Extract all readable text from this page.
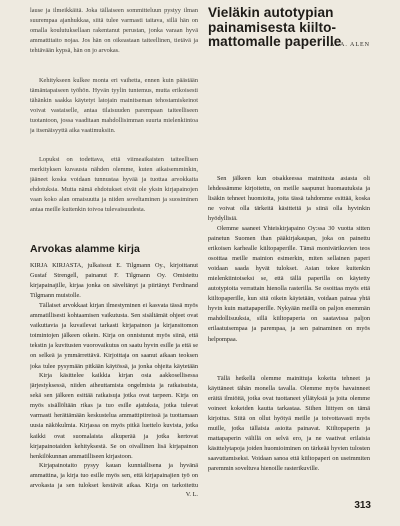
lause ja ilmeikkäitä. Joka tällaiseen sommitteluun pystyy ilman suurempaa ajanhukkaa, siitä tulee varmasti taitava, sillä hän on omalla koulutuksellaan rakentanut perustan, jonka varaan hyvä ammattitaito nojaa. Jos hän on oikeastaan taiteellinen, tietävä ja tehtävään kypsä, hän on jo arvokas.

Kehitykseen kulkee monta eri vaihetta, ennen kuin päästään tämäntapaiseen työhön. Hyvän tyylin tuntemus, mutta erikoisesti tähänkin saakka käytetyt latojain mainitseman tehostamiskeinot voivat vastaiselle, antaa tilaisuuden parempaan taiteelliseen tuotantoon, jossa vaaditaan mahdollisimman suurta mielenkiintoa ja itsenäisyyttä aika vaatimuksiin.

Lopuksi on todettava, että viimeaikaisten taiteellisen merkityksen kuvausta nähden olemme, kuten aikaisemminkin, jääneet koska voidaan tunnustaa hyvää ja tuottaa arvokkaita ehdotuksia. Mutta nämä ehdotukset eivät ole yksin kirjapainojen vaan koko alan omaisuutta ja niiden soveltaminen ja suosiminen antaa meille kuitenkin toivoa tulevaisuudesta.

Arvokas alamme kirja

KIRJA KIRJASTA, julkaissut E. Tilgmann Oy., kirjoittanut Gustaf Strengell, painanut F. Tilgmann Oy. Omistettu kirjapainajille, kirjaa jonka on säveltänyt ja piirtänyt Ferdinand Tilgmann muistolle.

Tällaiset arvokkaat kirjan ilmestyminen ei kasvata tässä myös ammatillisesti kohtaamisen vaikutusta. Sen sisältämät ohjeet ovat vaikuttavia ja kuvailevat tarkasti kirjapainon ja kirjansitomon toimintojen jälkeen oikein. Kirja on onnistunut myös siinä, että tekstin ja kuvitusten vuorovaikutus on saatu hyvin esille ja että se on selkeä ja ymmärrettävä. Kirjoittaja on saanut aikaan teoksen joka tulee pysymään pitkään käytössä, ja jonka ohjeita käytetään

Kirja käsittelee kaikkia kirjan osia aakkosellisessa järjestyksessä, niiden aiheuttamista ongelmista ja ratkaisuista, sekä sen jälkeen esittää ratkaisuja jotka ovat tarpeen. Kirja on myös sisällöltään rikas ja tuo esille ajatuksia, jotka tulevat varmasti herättämään keskustelua ammattipiireissä ja tuottamaan uusia näkökulmia. Kirjassa on myös pitkä luettelo kuvista, jotka kaikki ovat suomalaista alkuperää ja jotka kertovat kirjapainotaidon kehityksestä. Se on oivallinen lisä kirjapainon henkilökunnan ammatilliseen kirjastoon.

Kirjapainotaito pysyy kauan kunniallisena ja hyvänä ammattina, ja kirja tuo esille myös sen, että kirjapainajien työ on arvokasta ja sen tulokset kestävät aikaa. Kirja on tarkoitettu

V. L.
Vieläkin autotypian
painamisesta kiilto-
mattomalle paperille
A. A. ALEN

Sen jälkeen kun otsakkeessa mainitusta asiasta oli lehdessämme kirjoitettu, on meille saapunut huomautuksia ja lisäkin tehneet huomioita, joita tässä tahdomme esittää, koska ne voivat olla tärkeitä käsitteitä ja siinä olla hyvinkin hyödyllisiä.

Olemme saaneet Yhteiskirjapaino Oy:ssa 30 vuotta sitten painetun Suomen ihan pääkirjakaupan, joka on painettu erikoisen karhealle kiiltopaperille. Tämä monivärikuvien teos osoittaa meille mainion esimerkin, miten sellainen paperi voidaan saada hyvät tulokset. Asian tekee kuitenkin mielenkiintoiseksi se, että tällä paperilla on käytetty autotypioita verrattain hienolla rasterilla. Se osoittaa myös että kiiltopaperille, kun sitä oikein käytetään, voidaan painaa yhtä hyvin kuin mattapaperille. Nykyään meillä on paljon enemmän mahdollisuuksia, sillä kiiltopaperia on saatavissa paljon erilaatuisempaa ja parempaa, ja sen painaminen on myös helpompaa.

Tällä hetkellä olemme mainittuja kokeita tehneet ja käyttäneet tähän monella tavalla. Olemme myös havainneet eräitä ilmiöitä, jotka ovat tuottaneet yllätyksiä ja joita olemme voineet kokeiden kautta tarkastaa. Siihen liittyen on tämä kirjoitus. Siitä on ollut hyötyä meille ja toivottavasti myös muille, jotka tällaisia asioita painavat. Kiiltopaperin ja mattapaperin välillä on selvä ero, ja ne vaativat erilaisia käsittelytapoja joiden huomioiminen on tärkeää hyvien tulosten saavuttamiseksi. Voidaan sanoa että kiiltopaperi on useimmiten paremmin soveltuva hienoille rasterikuville.

313
